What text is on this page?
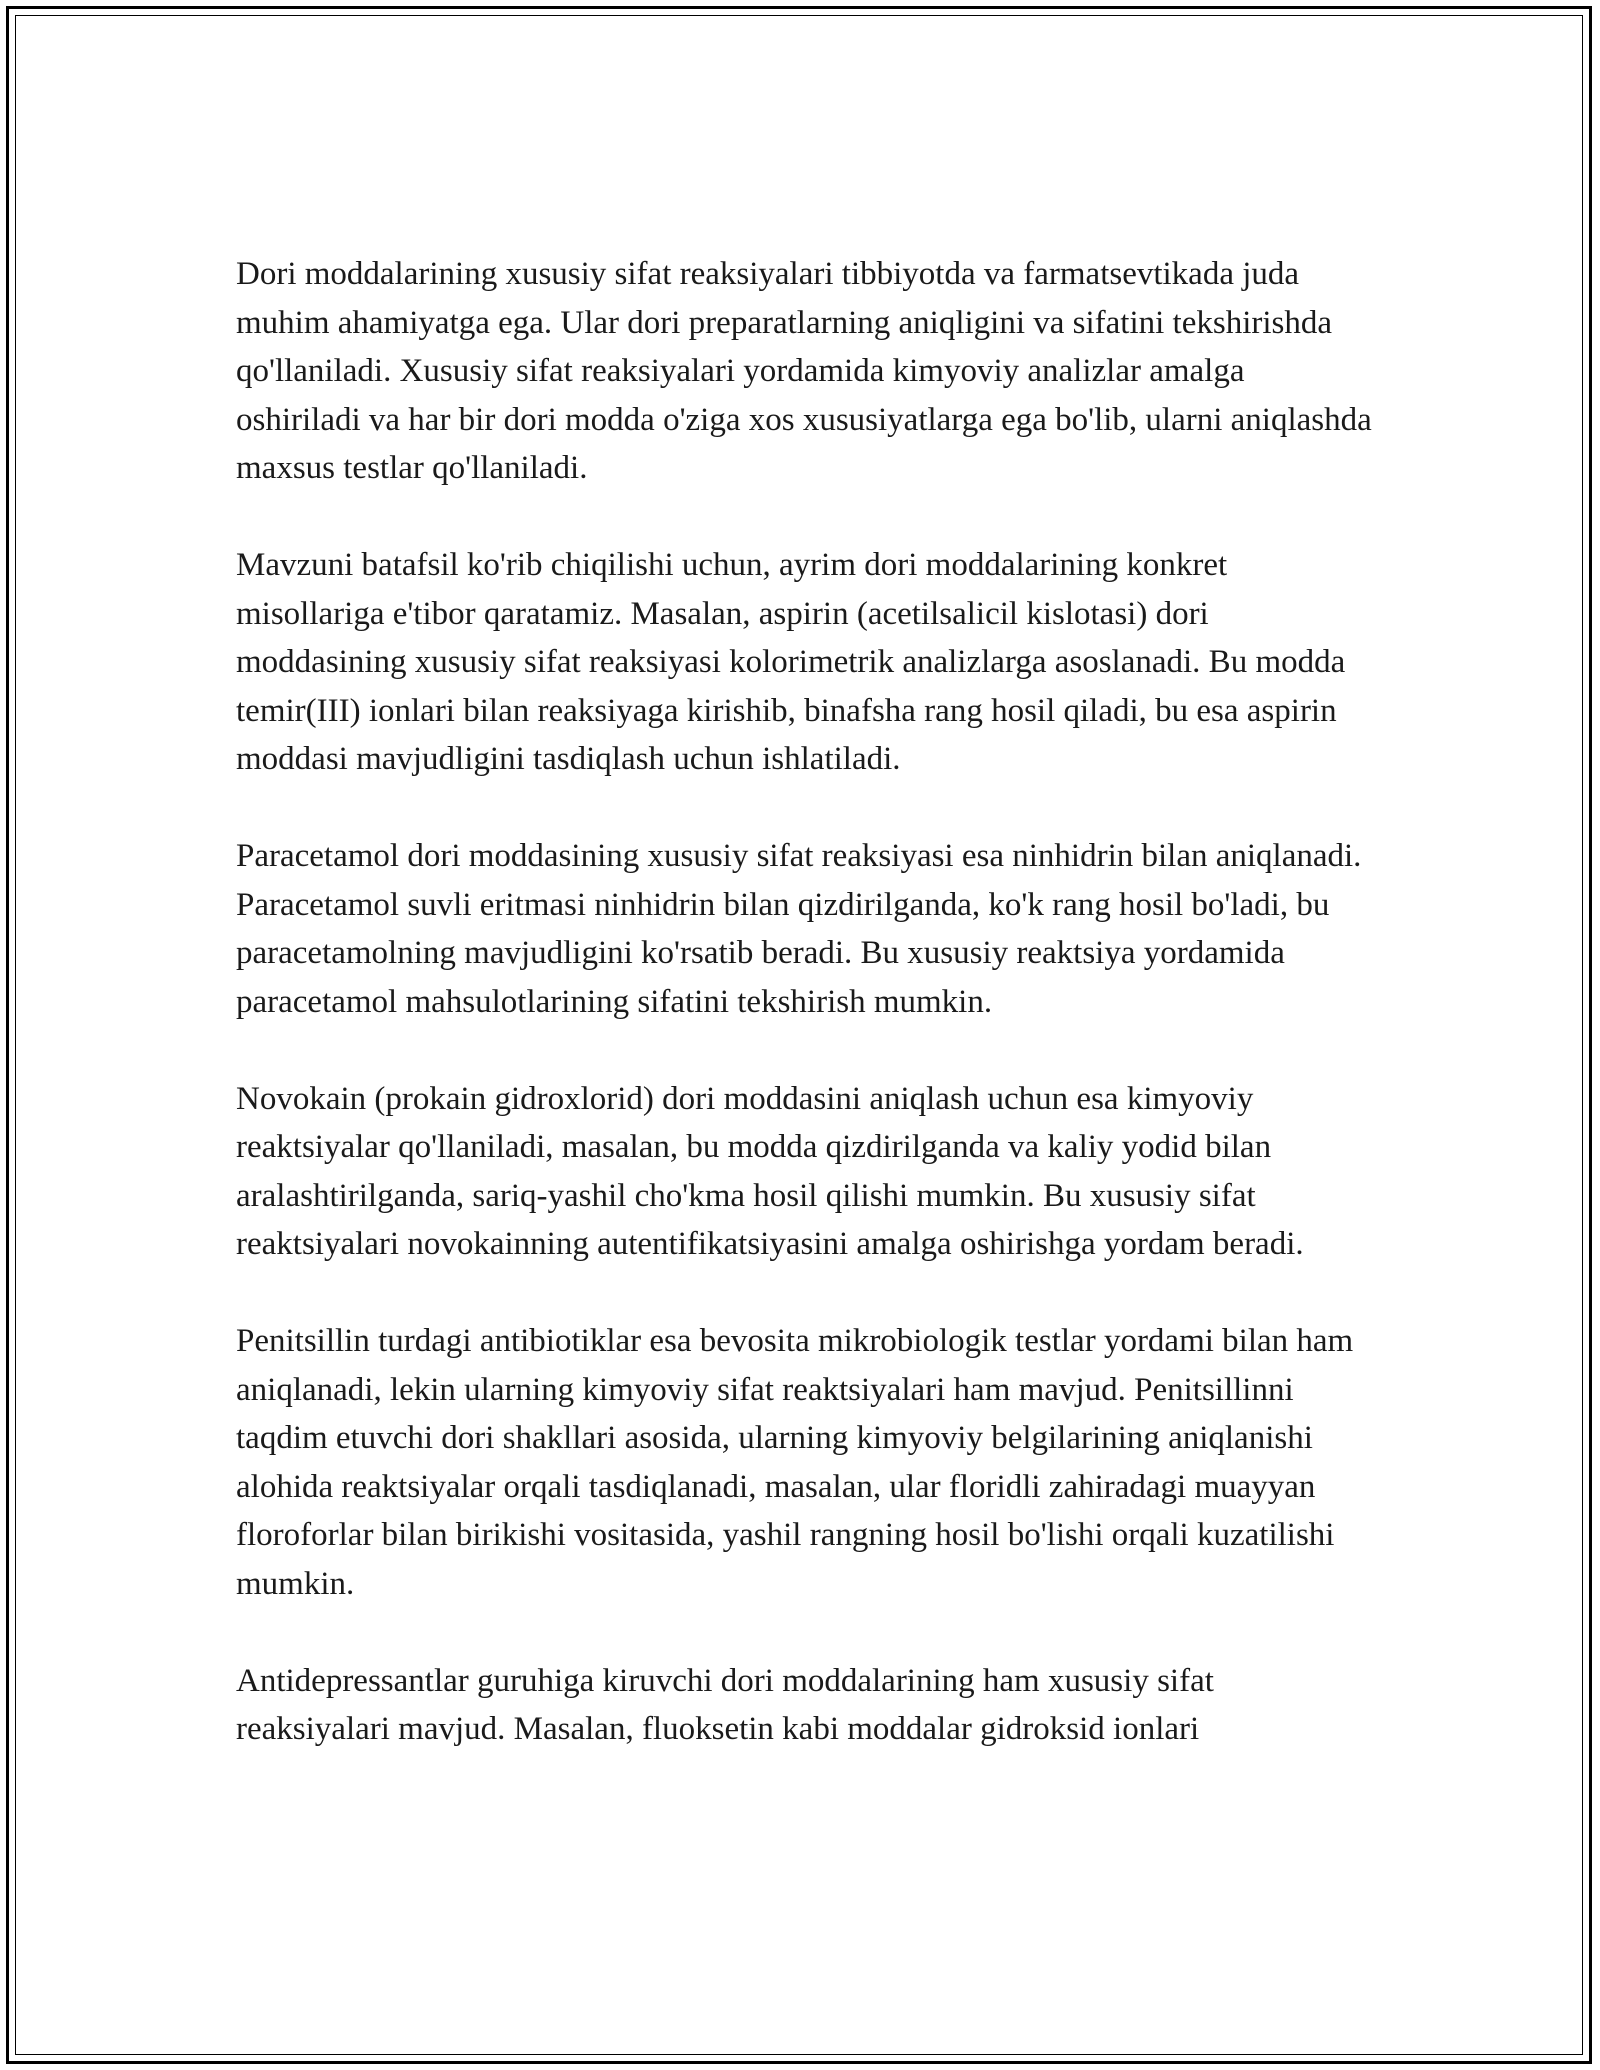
Dori moddalarining xususiy sifat reaksiyalari tibbiyotda va farmatsevtikada juda muhim ahamiyatga ega. Ular dori preparatlarning aniqligini va sifatini tekshirishda qo'llaniladi. Xususiy sifat reaksiyalari yordamida kimyoviy analizlar amalga oshiriladi va har bir dori modda o'ziga xos xususiyatlarga ega bo'lib, ularni aniqlashda maxsus testlar qo'llaniladi.

Mavzuni batafsil ko'rib chiqilishi uchun, ayrim dori moddalarining konkret misollariga e'tibor qaratamiz. Masalan, aspirin (acetilsalicil kislotasi) dori moddasining xususiy sifat reaksiyasi kolorimetrik analizlarga asoslanadi. Bu modda temir(III) ionlari bilan reaksiyaga kirishib, binafsha rang hosil qiladi, bu esa aspirin moddasi mavjudligini tasdiqlash uchun ishlatiladi.

Paracetamol dori moddasining xususiy sifat reaksiyasi esa ninhidrin bilan aniqlanadi. Paracetamol suvli eritmasi ninhidrin bilan qizdirilganda, ko'k rang hosil bo'ladi, bu paracetamolning mavjudligini ko'rsatib beradi. Bu xususiy reaktsiya yordamida paracetamol mahsulotlarining sifatini tekshirish mumkin.

Novokain (prokain gidroxlorid) dori moddasini aniqlash uchun esa kimyoviy reaktsiyalar qo'llaniladi, masalan, bu modda qizdirilganda va kaliy yodid bilan aralashtirilganda, sariq-yashil cho'kma hosil qilishi mumkin. Bu xususiy sifat reaktsiyalari novokainning autentifikatsiyasini amalga oshirishga yordam beradi.

Penitsillin turdagi antibiotiklar esa bevosita mikrobiologik testlar yordami bilan ham aniqlanadi, lekin ularning kimyoviy sifat reaktsiyalari ham mavjud. Penitsillinni taqdim etuvchi dori shakllari asosida, ularning kimyoviy belgilarining aniqlanishi alohida reaktsiyalar orqali tasdiqlanadi, masalan, ular floridli zahiradagi muayyan floroforlar bilan birikishi vositasida, yashil rangning hosil bo'lishi orqali kuzatilishi mumkin.

Antidepressantlar guruhiga kiruvchi dori moddalarining ham xususiy sifat reaksiyalari mavjud. Masalan, fluoksetin kabi moddalar gidroksid ionlari
